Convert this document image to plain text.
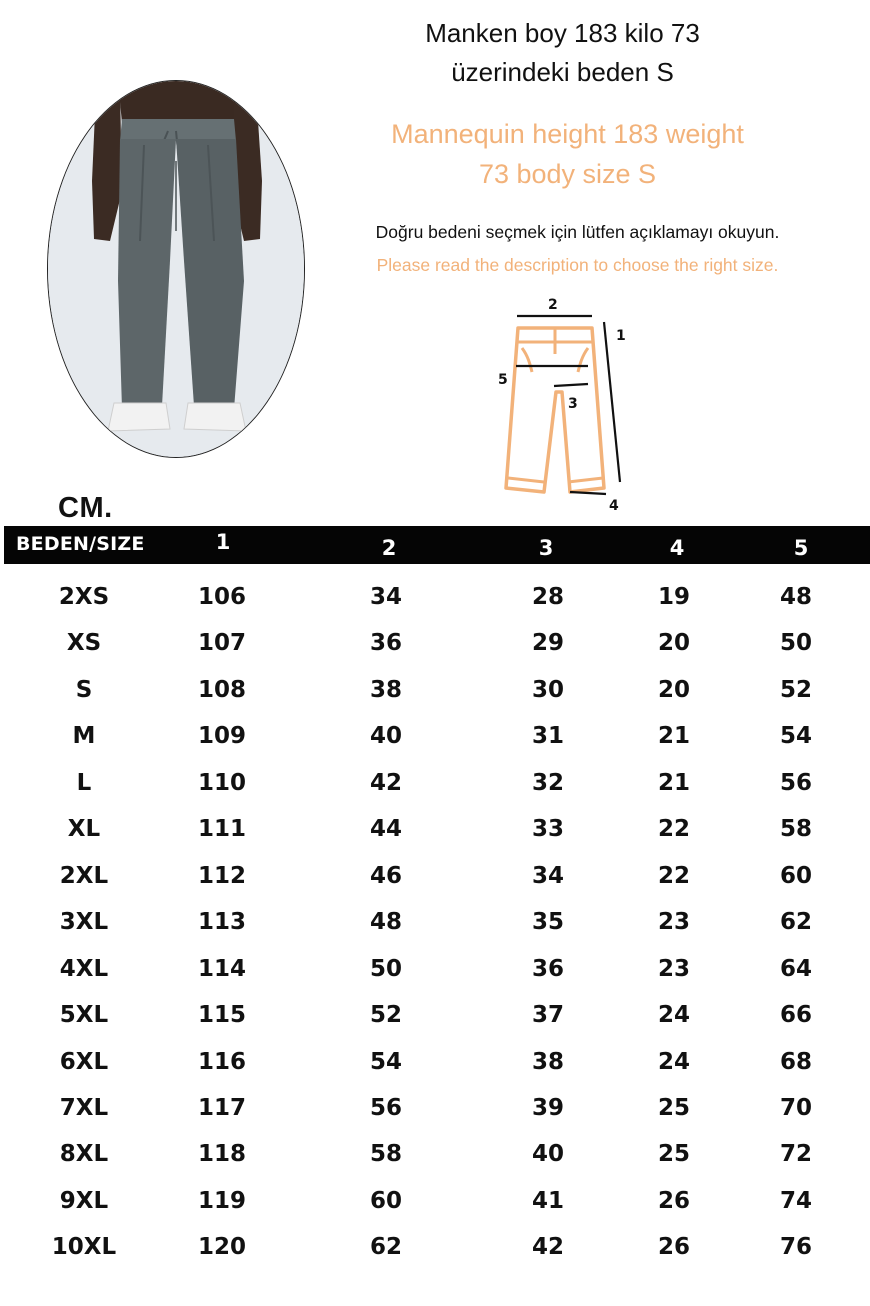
Manken boy 183 kilo 73
üzerindeki beden S
Mannequin height 183 weight
73 body size S
Doğru bedeni seçmek için lütfen açıklamayı okuyun.
Please read the description to choose the right size.
2
1
5
3
4
CM.
BEDEN/SIZE	1	2	3	4	5
2XS	106	34	28	19	48
XS	107	36	29	20	50
S	108	38	30	20	52
M	109	40	31	21	54
L	110	42	32	21	56
XL	111	44	33	22	58
2XL	112	46	34	22	60
3XL	113	48	35	23	62
4XL	114	50	36	23	64
5XL	115	52	37	24	66
6XL	116	54	38	24	68
7XL	117	56	39	25	70
8XL	118	58	40	25	72
9XL	119	60	41	26	74
10XL	120	62	42	26	76
